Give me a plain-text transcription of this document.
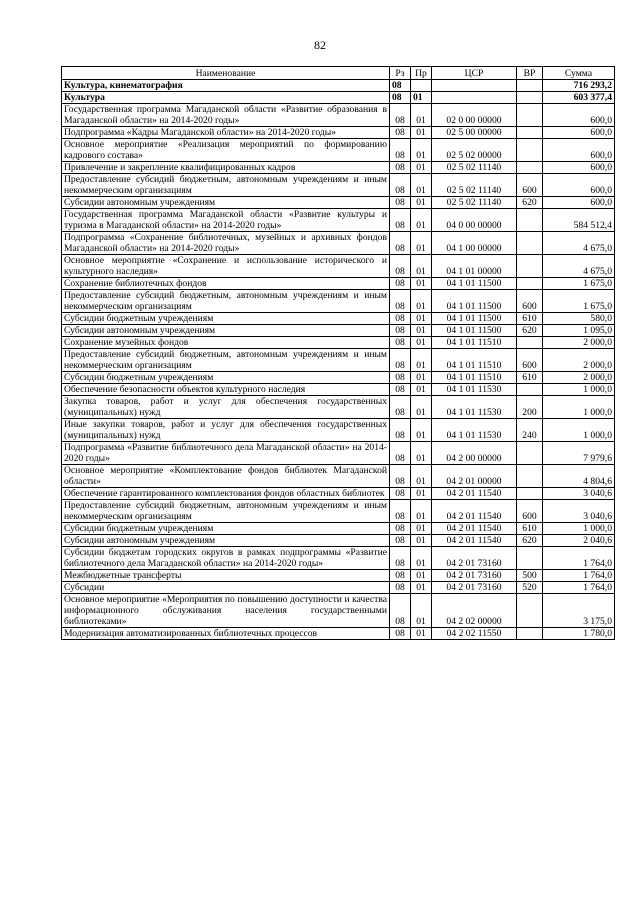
82
Наименование	Рз	Пр	ЦСР	ВР	Сумма
Культура, кинематография	08				716 293,2
Культура	08	01			603 377,4
Государственная программа Магаданской области «Развитие образования в Магаданской области» на 2014-2020 годы»	08	01	02 0 00 00000		600,0
Подпрограмма «Кадры Магаданской области» на 2014-2020 годы»	08	01	02 5 00 00000		600,0
Основное мероприятие «Реализация мероприятий по формированию кадрового состава»	08	01	02 5 02 00000		600,0
Привлечение и закрепление квалифицированных кадров	08	01	02 5 02 11140		600,0
Предоставление субсидий бюджетным, автономным учреждениям и иным некоммерческим организациям	08	01	02 5 02 11140	600	600,0
Субсидии автономным учреждениям	08	01	02 5 02 11140	620	600,0
Государственная программа Магаданской области «Развитие культуры и туризма в Магаданской области» на 2014-2020 годы»	08	01	04 0 00 00000		584 512,4
Подпрограмма «Сохранение библиотечных, музейных и архивных фондов Магаданской области» на 2014-2020 годы»	08	01	04 1 00 00000		4 675,0
Основное мероприятие «Сохранение и использование исторического и культурного наследия»	08	01	04 1 01 00000		4 675,0
Сохранение библиотечных фондов	08	01	04 1 01 11500		1 675,0
Предоставление субсидий бюджетным, автономным учреждениям и иным некоммерческим организациям	08	01	04 1 01 11500	600	1 675,0
Субсидии бюджетным учреждениям	08	01	04 1 01 11500	610	580,0
Субсидии автономным учреждениям	08	01	04 1 01 11500	620	1 095,0
Сохранение музейных фондов	08	01	04 1 01 11510		2 000,0
Предоставление субсидий бюджетным, автономным учреждениям и иным некоммерческим организациям	08	01	04 1 01 11510	600	2 000,0
Субсидии бюджетным учреждениям	08	01	04 1 01 11510	610	2 000,0
Обеспечение безопасности объектов культурного наследия	08	01	04 1 01 11530		1 000,0
Закупка товаров, работ и услуг для обеспечения государственных (муниципальных) нужд	08	01	04 1 01 11530	200	1 000,0
Иные закупки товаров, работ и услуг для обеспечения государственных (муниципальных) нужд	08	01	04 1 01 11530	240	1 000,0
Подпрограмма «Развитие библиотечного дела Магаданской области» на 2014-2020 годы»	08	01	04 2 00 00000		7 979,6
Основное мероприятие «Комплектование фондов библиотек Магаданской области»	08	01	04 2 01 00000		4 804,6
Обеспечение гарантированного комплектования фондов областных библиотек	08	01	04 2 01 11540		3 040,6
Предоставление субсидий бюджетным, автономным учреждениям и иным некоммерческим организациям	08	01	04 2 01 11540	600	3 040,6
Субсидии бюджетным учреждениям	08	01	04 2 01 11540	610	1 000,0
Субсидии автономным учреждениям	08	01	04 2 01 11540	620	2 040,6
Субсидии бюджетам городских округов в рамках подпрограммы «Развитие библиотечного дела Магаданской области» на 2014-2020 годы»	08	01	04 2 01 73160		1 764,0
Межбюджетные трансферты	08	01	04 2 01 73160	500	1 764,0
Субсидии	08	01	04 2 01 73160	520	1 764,0
Основное мероприятие «Мероприятия по повышению доступности и качества информационного обслуживания населения государственными библиотеками»	08	01	04 2 02 00000		3 175,0
Модернизация автоматизированных библиотечных процессов	08	01	04 2 02 11550		1 780,0
